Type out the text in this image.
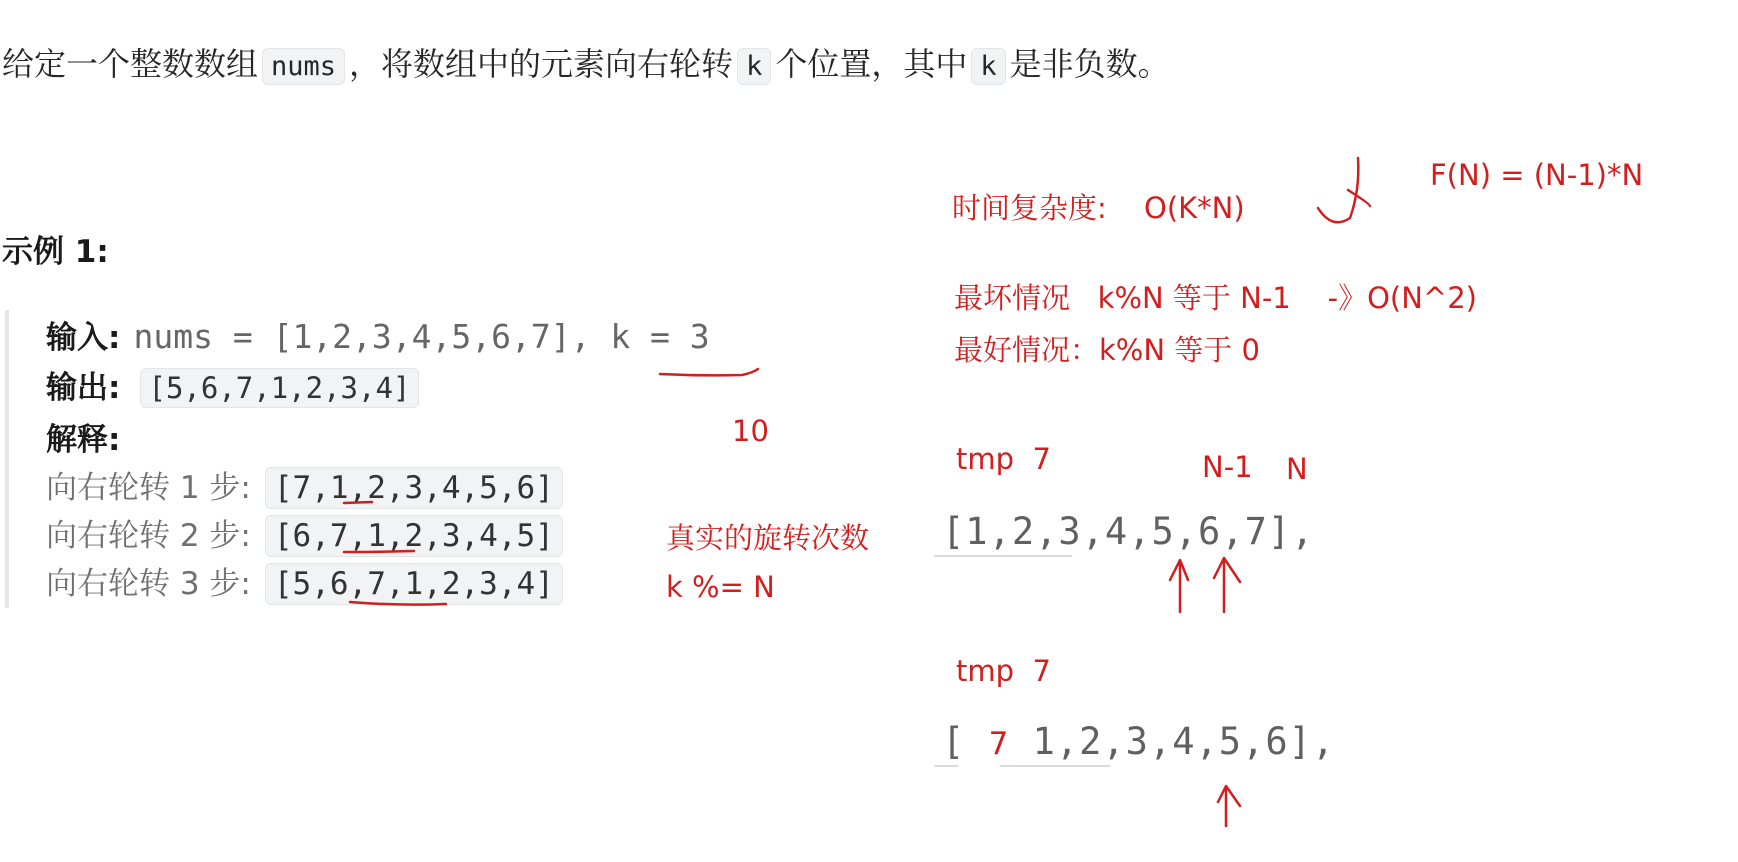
给定一个整数数组 nums ，将数组中的元素向右轮转 k 个位置，其中 k 是非负数。
示例 1:
输入: nums = [1,2,3,4,5,6,7], k = 3
输出: [5,6,7,1,2,3,4]
解释:
向右轮转 1 步: [7,1,2,3,4,5,6]
向右轮转 2 步: [6,7,1,2,3,4,5]
向右轮转 3 步: [5,6,7,1,2,3,4]
时间复杂度: O(K*N)
F(N) = (N-1)*N
最坏情况   k%N 等于 N-1    -》O(N^2)
最好情况：k%N 等于 0
10
真实的旋转次数
k %= N
tmp  7	N-1 N
tmp  7
[1,2,3,4,5,6,7],
[ 7 1,2,3,4,5,6],
